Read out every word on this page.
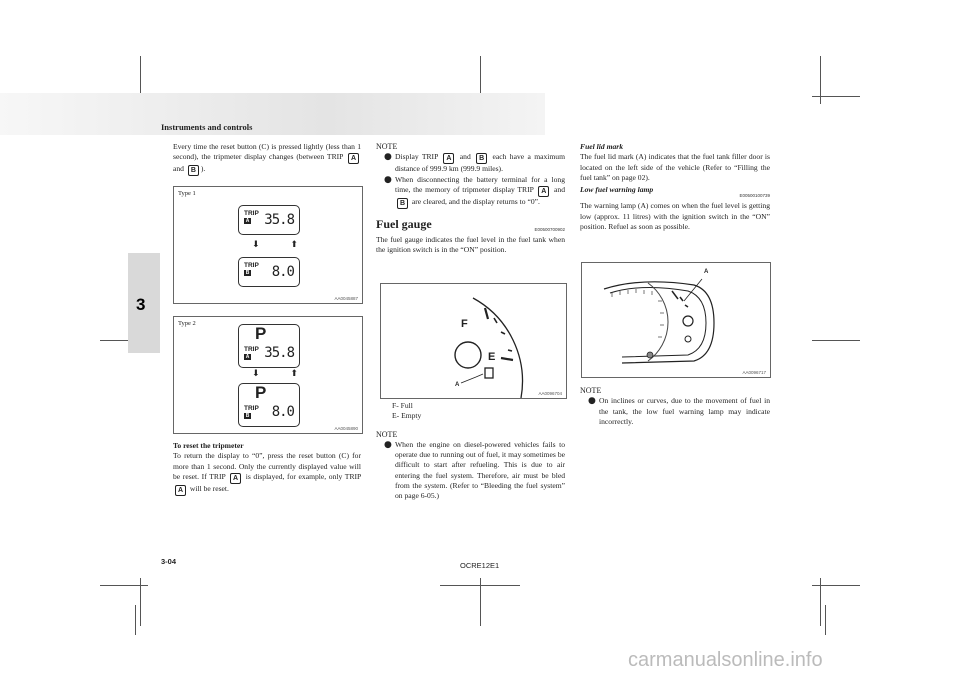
Instruments and controls
3
Every time the reset button (C) is pressed lightly (less than 1 second), the tripmeter display changes (between TRIP A and B ).
Type 1
TRIP
A 35.8
⬇ ⬆
TRIP
B 8.0
AA0045887
Type 2
P
TRIP
A 35.8
⬇ ⬆
P
TRIP
B 8.0
AA0045890
To reset the tripmeter
To return the display to “0”, press the reset button (C) for more than 1 second. Only the currently displayed value will be reset. If TRIP A is displayed, for example, only TRIP A will be reset.
NOTE
● Display TRIP A and B each have a maximum distance of 999.9 km (999.9 miles).
● When disconnecting the battery terminal for a long time, the memory of tripmeter display TRIP A and B are cleared, and the display returns to “0”.
Fuel gauge	E00500700902
The fuel gauge indicates the fuel level in the fuel tank when the ignition switch is in the “ON” position.
F
E
A
AA0096704
F- Full
E- Empty
NOTE
● When the engine on diesel-powered vehicles fails to operate due to running out of fuel, it may sometimes be difficult to start after refueling. This is due to air entering the fuel system. Therefore, air must be bled from the system. (Refer to “Bleeding the fuel system” on page 6-05.)
Fuel lid mark
The fuel lid mark (A) indicates that the fuel tank filler door is located on the left side of the vehicle (Refer to “Filling the fuel tank” on page 02).
Low fuel warning lamp
E00500100739
The warning lamp (A) comes on when the fuel level is getting low (approx. 11 litres) with the ignition switch in the “ON” position. Refuel as soon as possible.
A
AA0096717
NOTE
● On inclines or curves, due to the movement of fuel in the tank, the low fuel warning lamp may indicate incorrectly.
3-04	OCRE12E1
carmanualsonline.info
